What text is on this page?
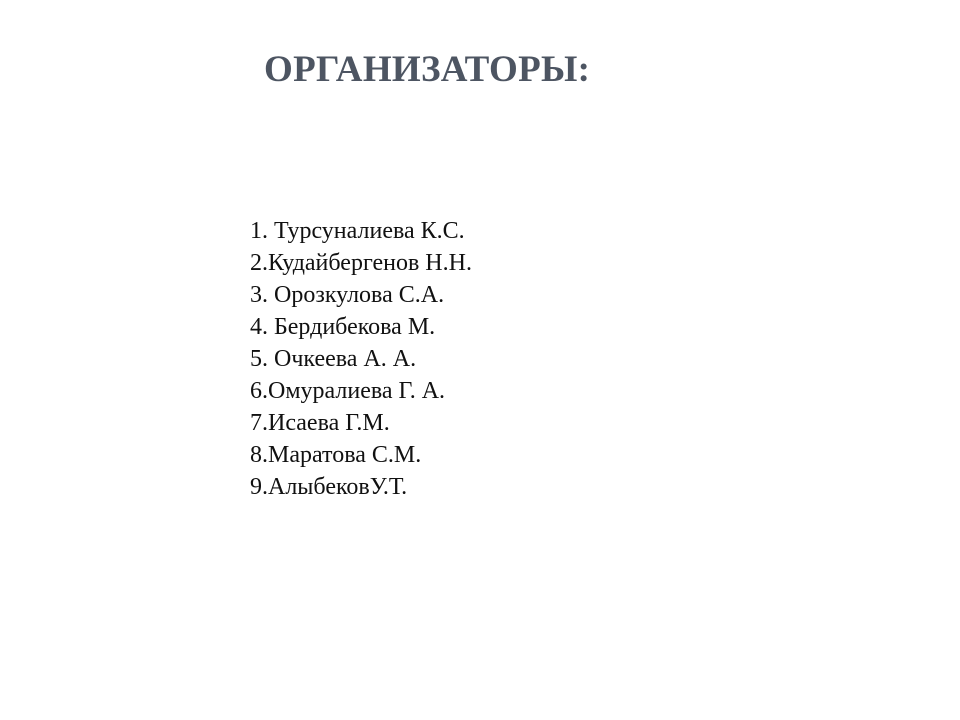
ОРГАНИЗАТОРЫ:
1. Турсуналиева К.С.
2.Кудайбергенов Н.Н.
3. Орозкулова С.А.
4. Бердибекова М.
5. Очкеева А. А.
6.Омуралиева Г. А.
7.Исаева Г.М.
8.Маратова С.М.
9.АлыбековУ.Т.
